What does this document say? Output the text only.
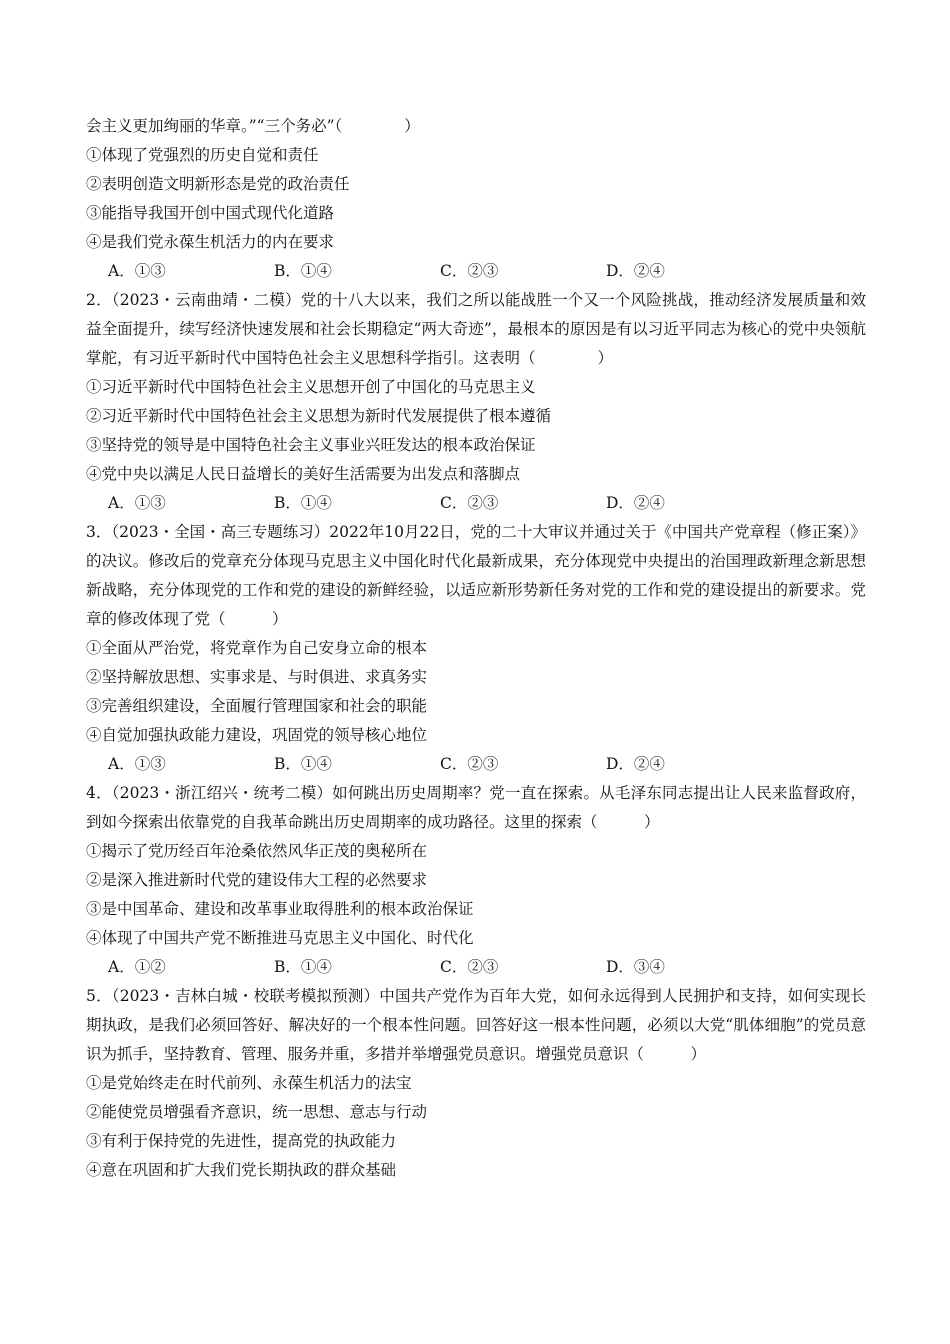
会主义更加绚丽的华章。”“三个务必”（　　　　）
①体现了党强烈的历史自觉和责任
②表明创造文明新形态是党的政治责任
③能指导我国开创中国式现代化道路
④是我们党永葆生机活力的内在要求
A．①③	B．①④	C．②③	D．②④
2．（2023・云南曲靖・二模）党的十八大以来，我们之所以能战胜一个又一个风险挑战，推动经济发展质量和效益全面提升，续写经济快速发展和社会长期稳定“两大奇迹”，最根本的原因是有以习近平同志为核心的党中央领航掌舵，有习近平新时代中国特色社会主义思想科学指引。这表明（　　　　）
①习近平新时代中国特色社会主义思想开创了中国化的马克思主义
②习近平新时代中国特色社会主义思想为新时代发展提供了根本遵循
③坚持党的领导是中国特色社会主义事业兴旺发达的根本政治保证
④党中央以满足人民日益增长的美好生活需要为出发点和落脚点
A．①③	B．①④	C．②③	D．②④
3．（2023・全国・高三专题练习）2022年10月22日，党的二十大审议并通过关于《中国共产党章程（修正案）》的决议。修改后的党章充分体现马克思主义中国化时代化最新成果，充分体现党中央提出的治国理政新理念新思想新战略，充分体现党的工作和党的建设的新鲜经验，以适应新形势新任务对党的工作和党的建设提出的新要求。党章的修改体现了党（　　　）
①全面从严治党，将党章作为自己安身立命的根本
②坚持解放思想、实事求是、与时俱进、求真务实
③完善组织建设，全面履行管理国家和社会的职能
④自觉加强执政能力建设，巩固党的领导核心地位
A．①③	B．①④	C．②③	D．②④
4．（2023・浙江绍兴・统考二模）如何跳出历史周期率？党一直在探索。从毛泽东同志提出让人民来监督政府，到如今探索出依靠党的自我革命跳出历史周期率的成功路径。这里的探索（　　　）
①揭示了党历经百年沧桑依然风华正茂的奥秘所在
②是深入推进新时代党的建设伟大工程的必然要求
③是中国革命、建设和改革事业取得胜利的根本政治保证
④体现了中国共产党不断推进马克思主义中国化、时代化
A．①②	B．①④	C．②③	D．③④
5．（2023・吉林白城・校联考模拟预测）中国共产党作为百年大党，如何永远得到人民拥护和支持，如何实现长期执政，是我们必须回答好、解决好的一个根本性问题。回答好这一根本性问题，必须以大党“肌体细胞”的党员意识为抓手，坚持教育、管理、服务并重，多措并举增强党员意识。增强党员意识（　　　）
①是党始终走在时代前列、永葆生机活力的法宝
②能使党员增强看齐意识，统一思想、意志与行动
③有利于保持党的先进性，提高党的执政能力
④意在巩固和扩大我们党长期执政的群众基础
